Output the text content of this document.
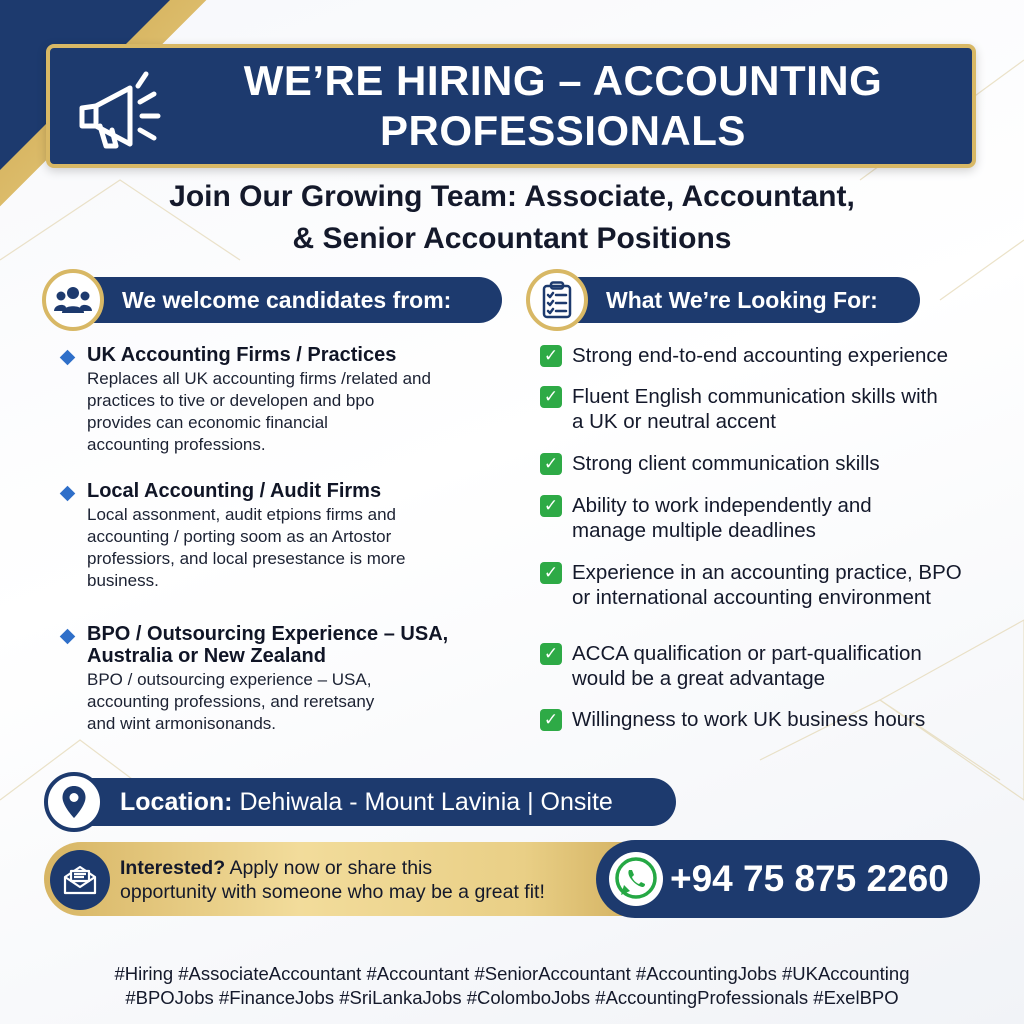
WE’RE HIRING – ACCOUNTING
PROFESSIONALS
Join Our Growing Team: Associate, Accountant,
& Senior Accountant Positions
We welcome candidates from:	What We’re Looking For:
UK Accounting Firms / Practices
Replaces all UK accounting firms /related and
practices to tive or developen and bpo
provides can economic financial
accounting professions.
Local Accounting / Audit Firms
Local assonment, audit etpions firms and
accounting / porting soom as an Artostor
professiors, and local presestance is more
business.
BPO / Outsourcing Experience – USA,
Australia or New Zealand
BPO / outsourcing experience – USA,
accounting professions, and reretsany
and wint armonisonands.
✓ Strong end-to-end accounting experience
✓ Fluent English communication skills with
a UK or neutral accent
✓ Strong client communication skills
✓ Ability to work independently and
manage multiple deadlines
✓ Experience in an accounting practice, BPO
or international accounting environment
✓ ACCA qualification or part-qualification
would be a great advantage
✓ Willingness to work UK business hours
Location: Dehiwala - Mount Lavinia | Onsite
Interested? Apply now or share this
opportunity with someone who may be a great fit!	+94 75 875 2260
#Hiring #AssociateAccountant #Accountant #SeniorAccountant #AccountingJobs #UKAccounting
#BPOJobs #FinanceJobs #SriLankaJobs #ColomboJobs #AccountingProfessionals #ExelBPO
